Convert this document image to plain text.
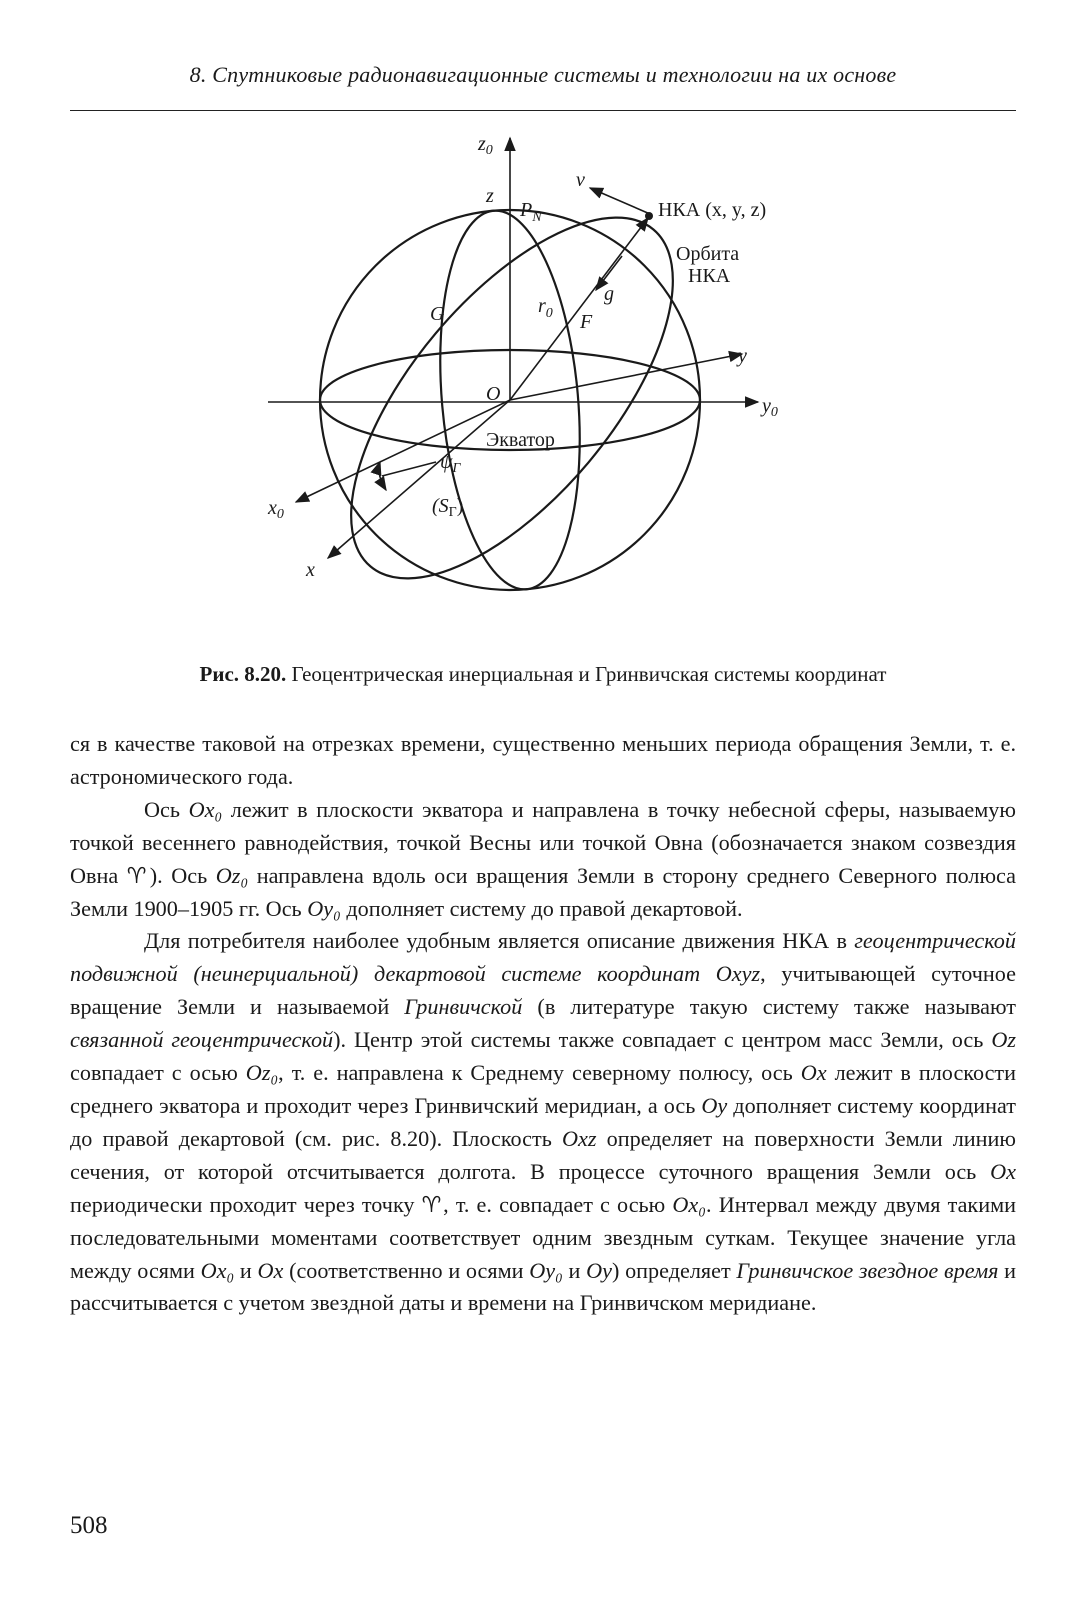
8. Спутниковые радионавигационные системы и технологии на их основе
$z_0$
z
$P_N$
v
НКА (x, y, z)
Орбита
НКА
g
$r_0$ F
G
y
O
$y_0$
Экватор
$\psi_Г$
$(S_Г)$
$x_0$
x
Рис. 8.20. Геоцентрическая инерциальная и Гринвичская системы координат

ся в качестве таковой на отрезках времени, существенно меньших периода обращения Земли, т. е. астрономического года.

Ось Ox₀ лежит в плоскости экватора и направлена в точку небесной сферы, называемую точкой весеннего равнодействия, точкой Весны или точкой Овна (обозначается знаком созвездия Овна ♈︎). Ось Oz₀ направлена вдоль оси вращения Земли в сторону среднего Северного полюса Земли 1900–1905 гг. Ось Oy₀ дополняет систему до правой декартовой.

Для потребителя наиболее удобным является описание движения НКА в геоцентрической подвижной (неинерциальной) декартовой системе координат Oxyz, учитывающей суточное вращение Земли и называемой Гринвичской (в литературе такую систему также называют связанной геоцентрической). Центр этой системы также совпадает с центром масс Земли, ось Oz совпадает с осью Oz₀, т. е. направлена к Среднему северному полюсу, ось Ox лежит в плоскости среднего экватора и проходит через Гринвичский меридиан, а ось Oy дополняет систему координат до правой декартовой (см. рис. 8.20). Плоскость Oxz определяет на поверхности Земли линию сечения, от которой отсчитывается долгота. В процессе суточного вращения Земли ось Ox периодически проходит через точку ♈︎, т. е. совпадает с осью Ox₀. Интервал между двумя такими последовательными моментами соответствует одним звездным суткам. Текущее значение угла между осями Ox₀ и Ox (соответственно и осями Oy₀ и Oy) определяет Гринвичское звездное время и рассчитывается с учетом звездной даты и времени на Гринвичском меридиане.

508
